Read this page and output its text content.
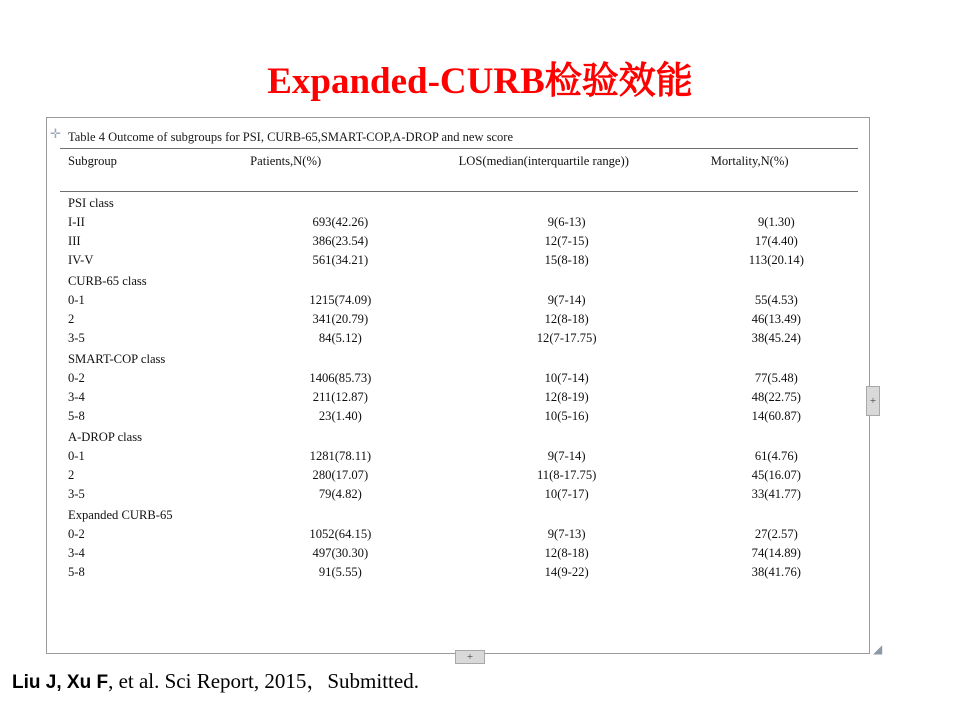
Expanded-CURB检验效能
✛ Table 4 Outcome of subgroups for PSI, CURB-65,SMART-COP,A-DROP and new score
Subgroup	Patients,N(%)	LOS(median(interquartile range))	Mortality,N(%)
PSI class			
I-II	693(42.26)	9(6-13)	9(1.30)
III	386(23.54)	12(7-15)	17(4.40)
IV-V	561(34.21)	15(8-18)	113(20.14)
CURB-65 class			
0-1	1215(74.09)	9(7-14)	55(4.53)
2	341(20.79)	12(8-18)	46(13.49)
3-5	84(5.12)	12(7-17.75)	38(45.24)
SMART-COP class			
0-2	1406(85.73)	10(7-14)	77(5.48)
3-4	211(12.87)	12(8-19)	48(22.75)
5-8	23(1.40)	10(5-16)	14(60.87)
A-DROP class			
0-1	1281(78.11)	9(7-14)	61(4.76)
2	280(17.07)	11(8-17.75)	45(16.07)
3-5	79(4.82)	10(7-17)	33(41.77)
Expanded CURB-65			
0-2	1052(64.15)	9(7-13)	27(2.57)
3-4	497(30.30)	12(8-18)	74(14.89)
5-8	91(5.55)	14(9-22)	38(41.76)
+
+
◢
Liu J, Xu F, et al. Sci Report, 2015，Submitted.
